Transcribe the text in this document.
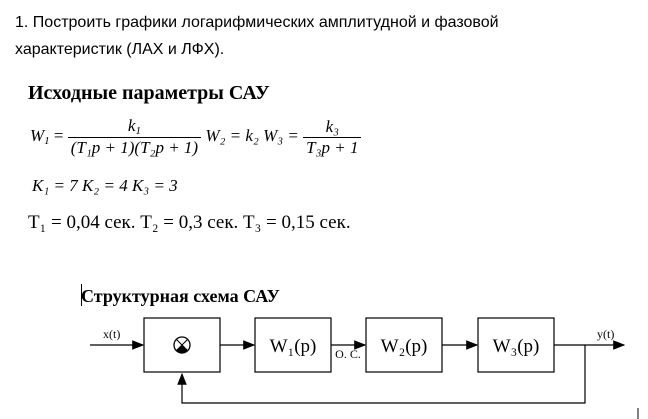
1. Построить графики логарифмических амплитудной и фазовой
характеристик (ЛАХ и ЛФХ).
Исходные параметры САУ
$W_1 = \frac{k_1}{\text{(T₁p + 1)(T₂p + 1)}} W_2 = k_2$ $W_3 = \frac{\text{k₃}}{\text{T₃p + 1}}$
K₁ = 7 K₂ = 4 K₃ = 3
T₁ = 0,04 сек. T₂ = 0,3 сек. T₃ = 0,15 сек.
Структурная схема САУ
x(t)
W₁(p) О. С. W₂(p)	W₃(p)
y(t)
